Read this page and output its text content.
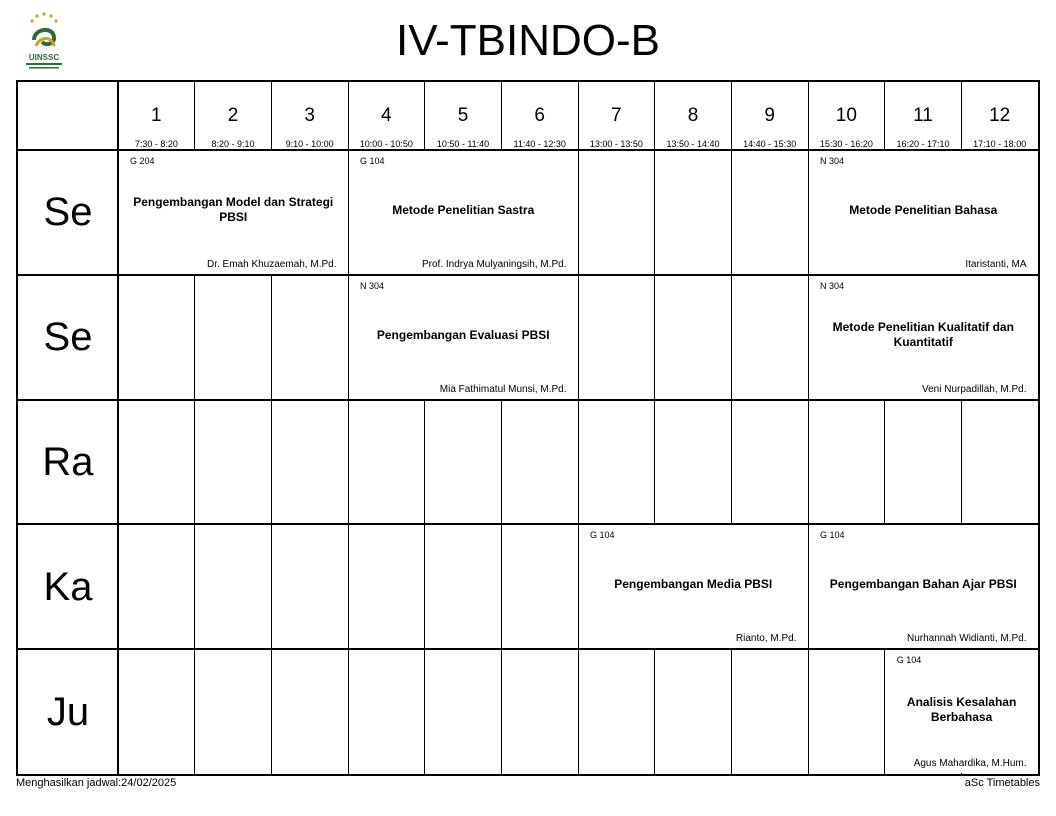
UINSSC	IV-TBINDO-B
1
7:30 - 8:20
2
8:20 - 9:10
3
9:10 - 10:00
4
10:00 - 10:50
5
10:50 - 11:40
6
11:40 - 12:30
7
13:00 - 13:50
8
13:50 - 14:40
9
14:40 - 15:30
10
15:30 - 16:20
11
16:20 - 17:10
12
17:10 - 18:00
Se
Se
Ra
Ka
Ju
G 204
Pengembangan Model dan Strategi PBSI
Dr. Emah Khuzaemah, M.Pd.
G 104
Metode Penelitian Sastra
Prof. Indrya Mulyaningsih, M.Pd.
N 304
Metode Penelitian Bahasa
Itaristanti, MA
N 304
Pengembangan Evaluasi PBSI
Mia Fathimatul Munsi, M.Pd.
N 304
Metode Penelitian Kualitatif dan Kuantitatif
Veni Nurpadillah, M.Pd.
G 104
Pengembangan Media PBSI
Rianto, M.Pd.
G 104
Pengembangan Bahan Ajar PBSI
Nurhannah Widianti, M.Pd.
G 104
Analisis Kesalahan Berbahasa
Agus Mahardika, M.Hum.
Menghasilkan jadwal:24/02/2025	aSc Timetables
